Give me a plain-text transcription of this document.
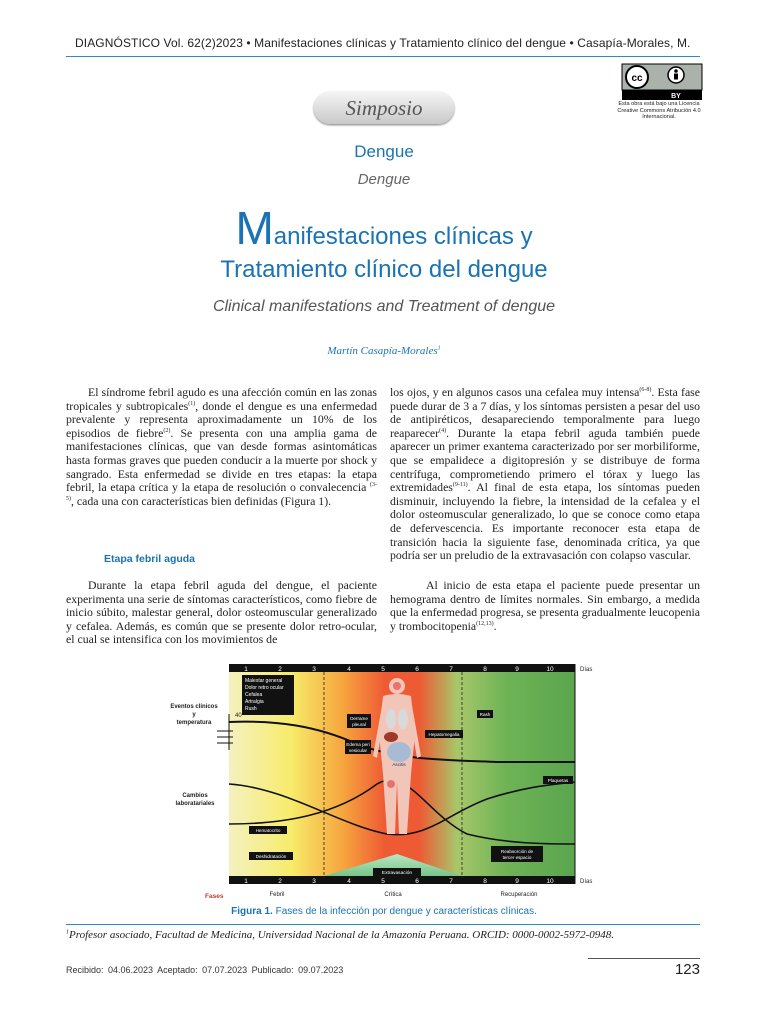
DIAGNÓSTICO Vol. 62(2)2023 • Manifestaciones clínicas y Tratamiento clínico del dengue • Casapía-Morales, M.
cc
BY
Esta obra está bajo una Licencia Creative Commons Atribución 4.0 Internacional.
Simposio
Dengue
Dengue
Manifestaciones clínicas y
Tratamiento clínico del dengue
Clinical manifestations and Treatment of dengue
Martín Casapía-Morales$^1$

El síndrome febril agudo es una afección común en las zonas tropicales y subtropicales$^{(1)}$, donde el dengue es una enfermedad prevalente y representa aproximadamente un 10% de los episodios de fiebre$^{(2)}$. Se presenta con una amplia gama de manifestaciones clínicas, que van desde formas asintomáticas hasta formas graves que pueden conducir a la muerte por shock y sangrado. Esta enfermedad se divide en tres etapas: la etapa febril, la etapa crítica y la etapa de resolución o convalecencia $^{(3-5)}$, cada una con características bien definidas (Figura 1).

Etapa febril aguda

Durante la etapa febril aguda del dengue, el paciente experimenta una serie de síntomas característicos, como fiebre de inicio súbito, malestar general, dolor osteomuscular generalizado y cefalea. Además, es común que se presente dolor retro-ocular, el cual se intensifica con los movimientos de

los ojos, y en algunos casos una cefalea muy intensa$^{(6-8)}$. Esta fase puede durar de 3 a 7 días, y los síntomas persisten a pesar del uso de antipiréticos, desapareciendo temporalmente para luego reaparecer$^{(4)}$. Durante la etapa febril aguda también puede aparecer un primer exantema caracterizado por ser morbiliforme, que se empalidece a digitopresión y se distribuye de forma centrífuga, comprometiendo primero el tórax y luego las extremidades$^{(9-11)}$. Al final de esta etapa, los síntomas pueden disminuir, incluyendo la fiebre, la intensidad de la cefalea y el dolor osteomuscular generalizado, lo que se conoce como etapa de defervescencia. Es importante reconocer esta etapa de transición hacia la siguiente fase, denominada crítica, ya que podría ser un preludio de la extravasación con colapso vascular.

Al inicio de esta etapa el paciente puede presentar un hemograma dentro de límites normales. Sin embargo, a medida que la enfermedad progresa, se presenta gradualmente leucopenia y trombocitopenia$^{(12,13)}$.

1	2	3	4	5	6	7	8	9	10	Días
Eventos clínicos
y
temperatura
40
Cambios
laboratariales
Fases
Malestar general
Dolor retro ocular
Cefalea
Artralgia
Rush
Derrame
pleural
Edema peri
vesicular
Hepatomegalia
Ascitis
Rash
Plaquetas
Hematocrito
Deshidratación
Reabsorción de
tercer espacio
Extravasación
1	2	3	4	5	6	7	8	9	10	Días
Febril	Crítica	Recuperación
Figura 1. Fases de la infección por dengue y características clínicas.
$^1$Profesor asociado, Facultad de Medicina, Universidad Nacional de la Amazonía Peruana. ORCID: 0000-0002-5972-0948.
Recibido: 04.06.2023 Aceptado: 07.07.2023 Publicado: 09.07.2023	123
